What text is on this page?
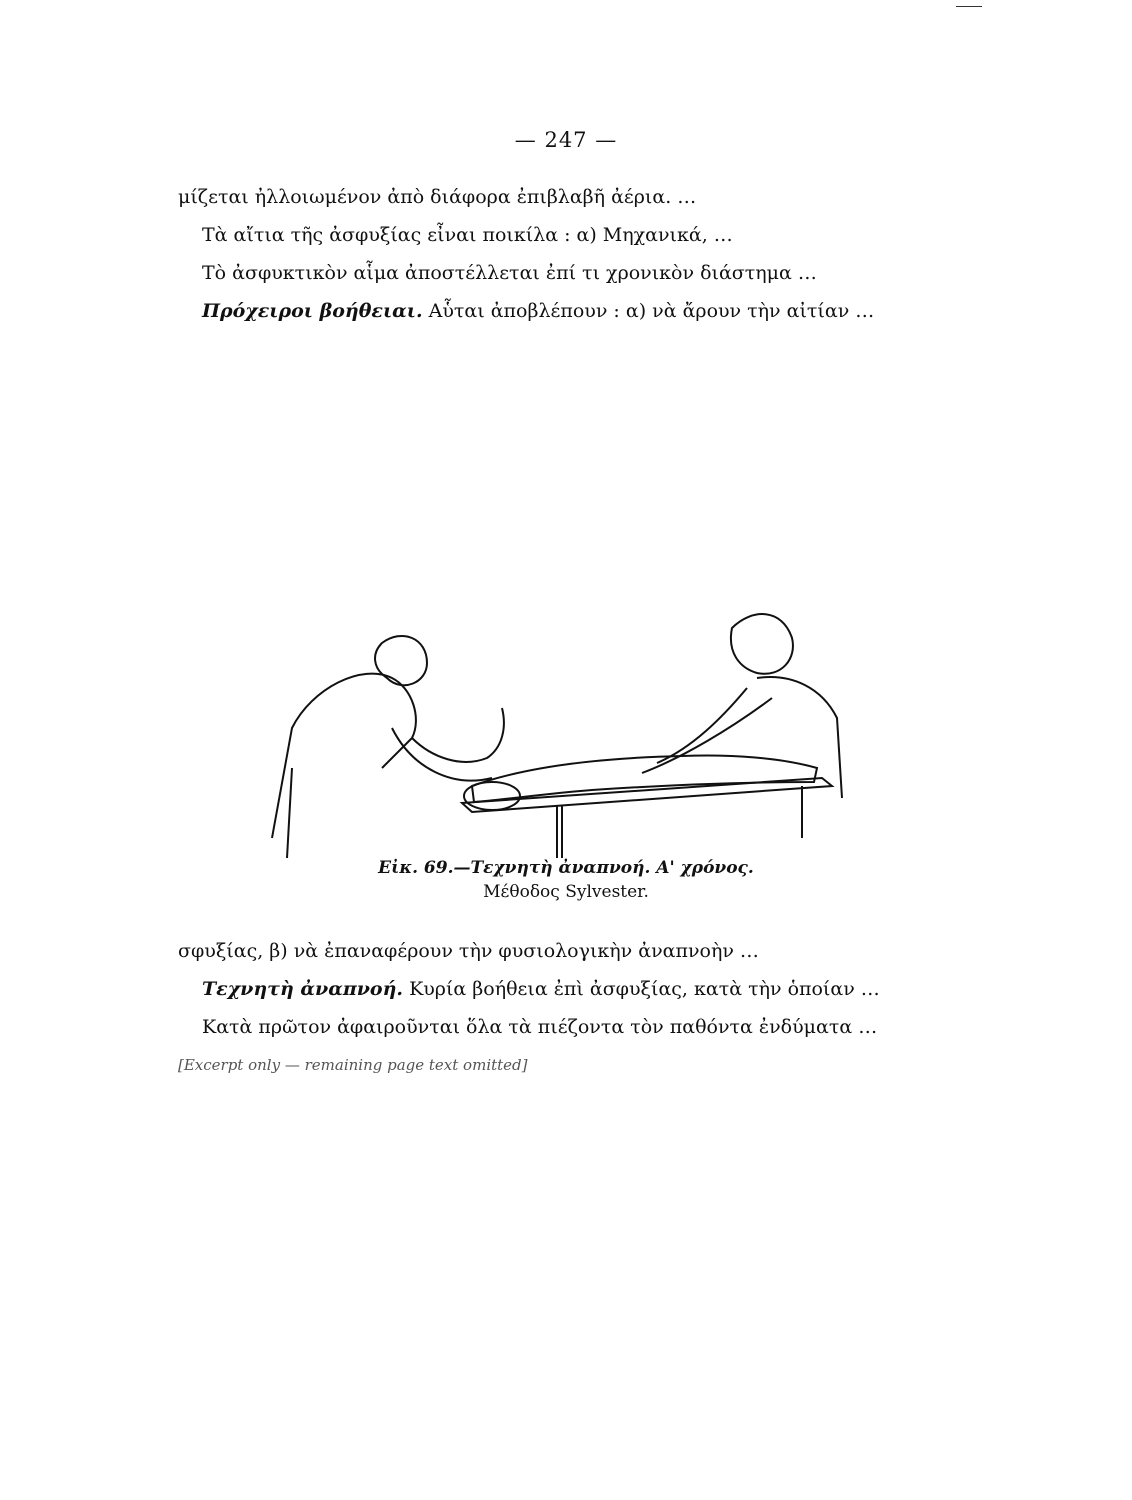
— 247 —

μίζεται ἠλλοιωμένον ἀπὸ διάφορα ἐπιβλαβῆ ἀέρια. …

Τὰ αἴτια τῆς ἀσφυξίας εἶναι ποικίλα : α) Μηχανικά, …

Τὸ ἀσφυκτικὸν αἷμα ἀποστέλλεται ἐπί τι χρονικὸν διάστημα …

Πρόχειροι βοήθειαι. Αὗται ἀποβλέπουν : α) νὰ ἄρουν τὴν αἰτίαν …

Εἰκ. 69.—Τεχνητὴ ἀναπνοή. Α' χρόνος.
Μέθοδος Sylvester.

σφυξίας, β) νὰ ἐπαναφέρουν τὴν φυσιολογικὴν ἀναπνοὴν …

Τεχνητὴ ἀναπνοή. Κυρία βοήθεια ἐπὶ ἀσφυξίας, κατὰ τὴν ὁποίαν …

Κατὰ πρῶτον ἀφαιροῦνται ὅλα τὰ πιέζοντα τὸν παθόντα ἐνδύματα …

[Excerpt only — remaining page text omitted]
